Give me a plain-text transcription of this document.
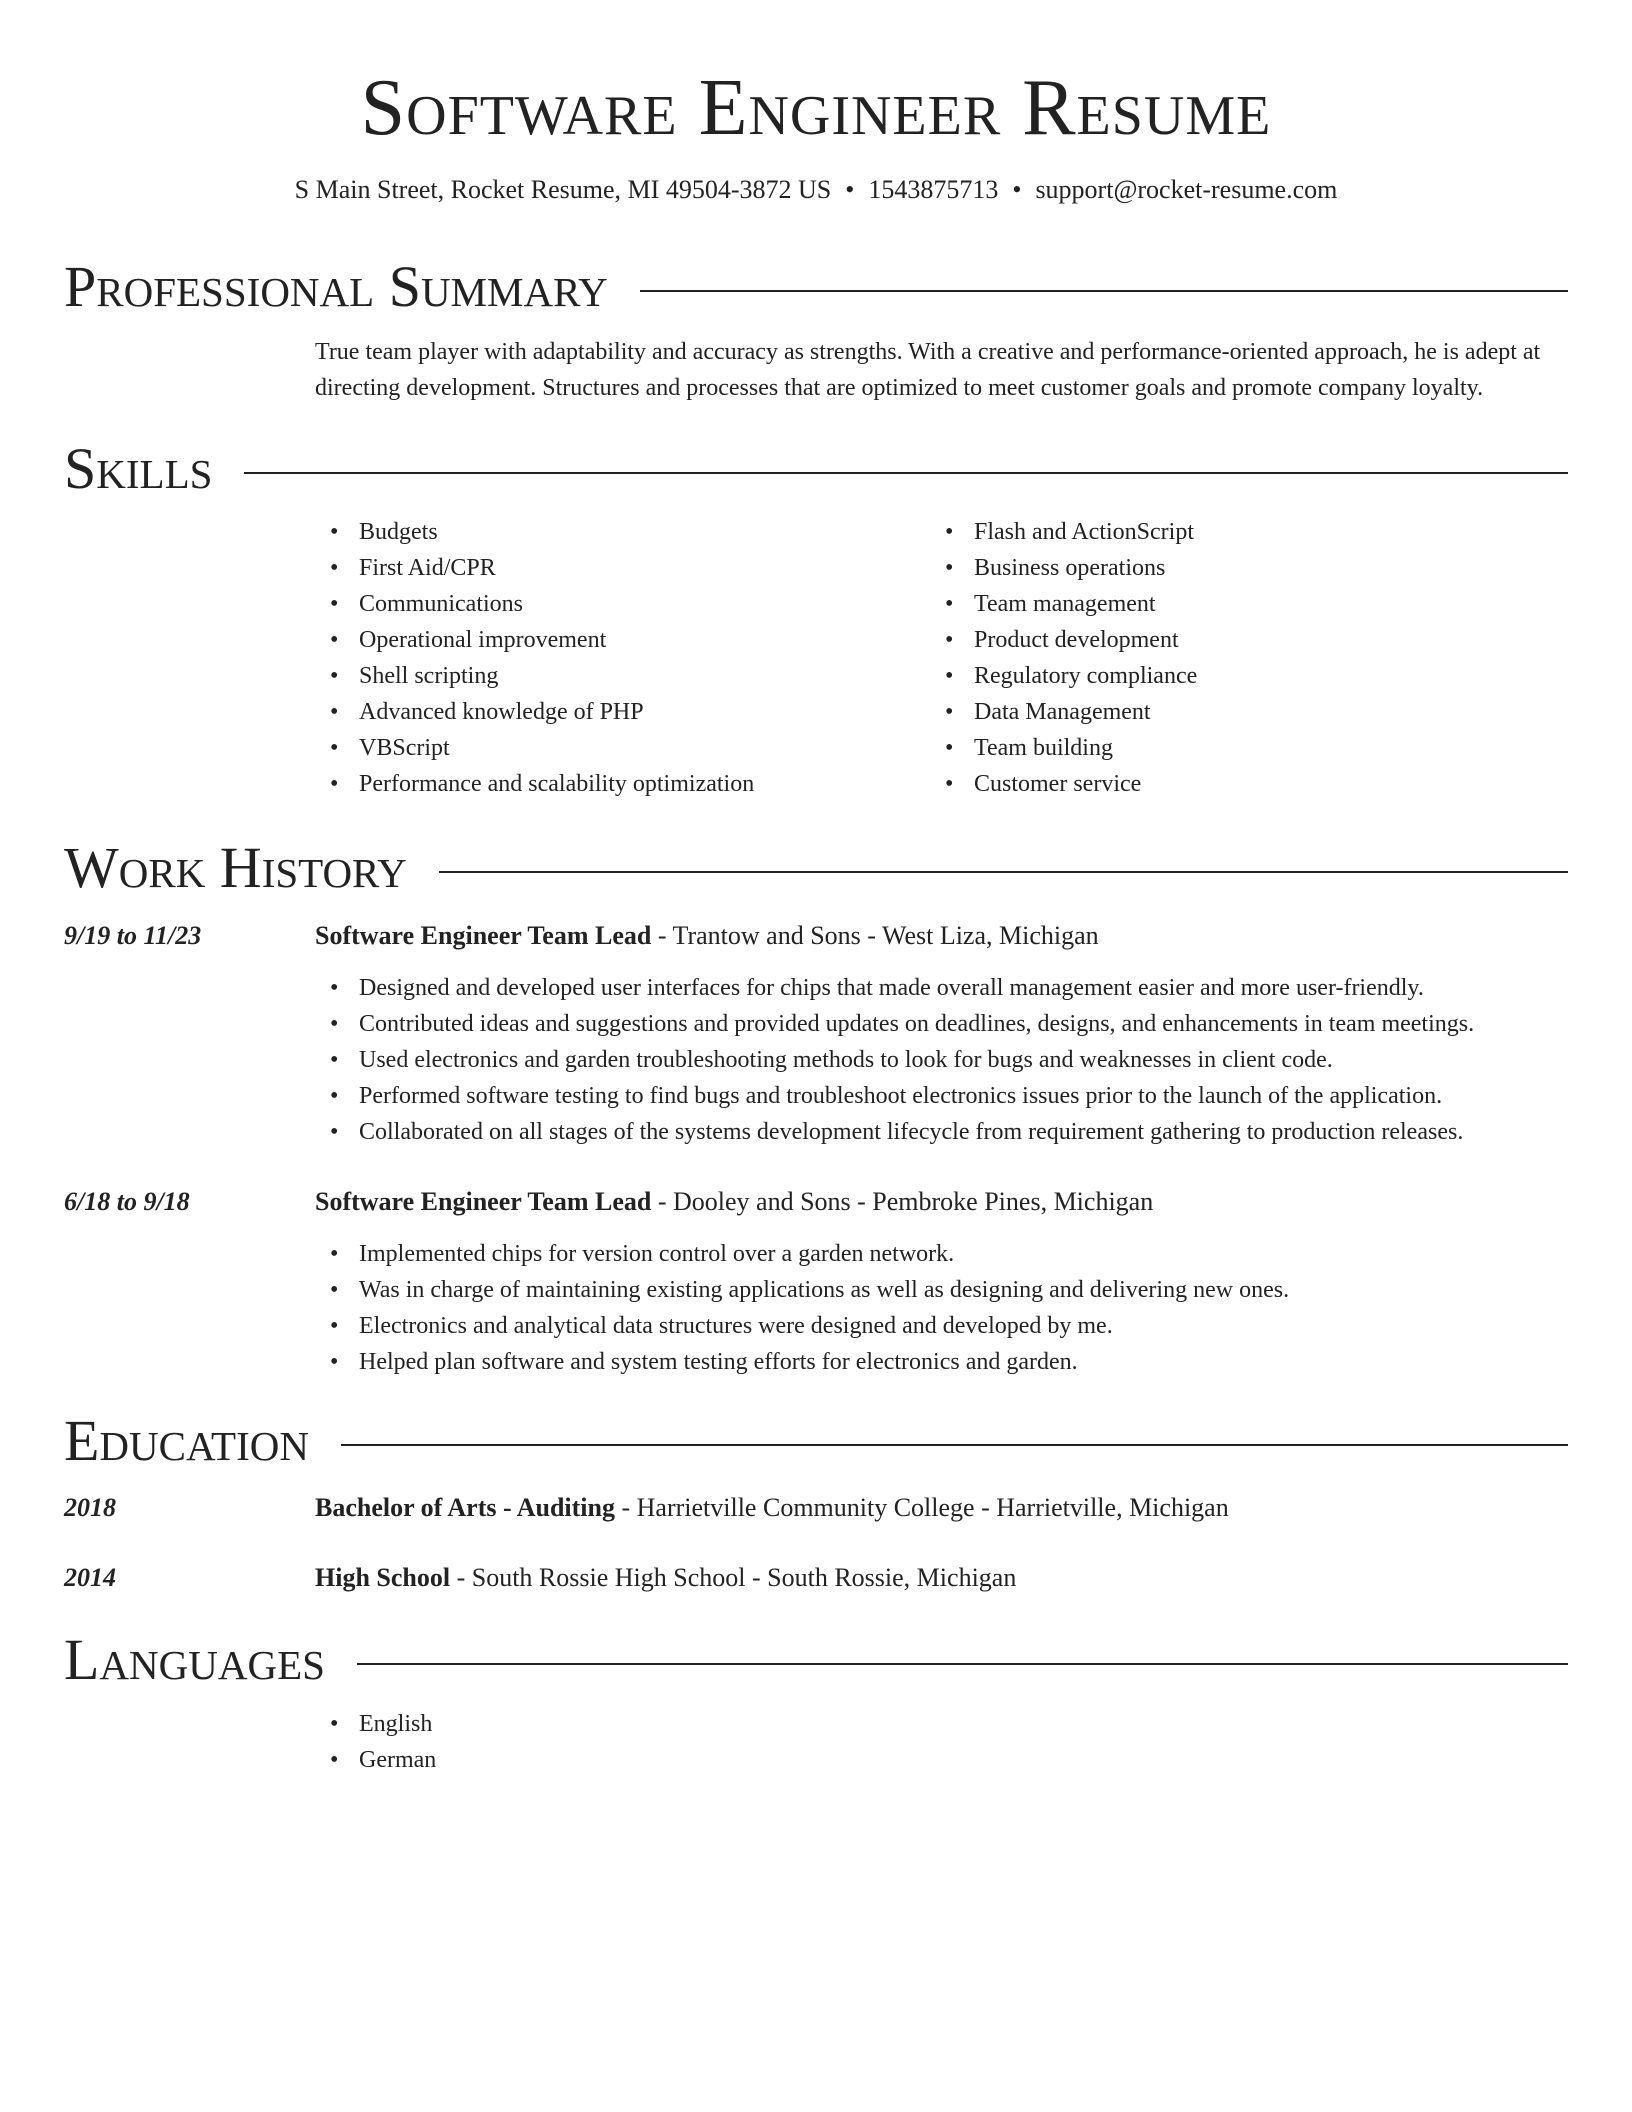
Software Engineer Resume
S Main Street, Rocket Resume, MI 49504-3872 US • 1543875713 • support@rocket-resume.com
Professional Summary

True team player with adaptability and accuracy as strengths. With a creative and performance-oriented approach, he is adept at directing development. Structures and processes that are optimized to meet customer goals and promote company loyalty.

Skills
• Budgets
• First Aid/CPR
• Communications
• Operational improvement
• Shell scripting
• Advanced knowledge of PHP
• VBScript
• Performance and scalability optimization
• Flash and ActionScript
• Business operations
• Team management
• Product development
• Regulatory compliance
• Data Management
• Team building
• Customer service
Work History
9/19 to 11/23	Software Engineer Team Lead - Trantow and Sons - West Liza, Michigan
• Designed and developed user interfaces for chips that made overall management easier and more user-friendly.
• Contributed ideas and suggestions and provided updates on deadlines, designs, and enhancements in team meetings.
• Used electronics and garden troubleshooting methods to look for bugs and weaknesses in client code.
• Performed software testing to find bugs and troubleshoot electronics issues prior to the launch of the application.
• Collaborated on all stages of the systems development lifecycle from requirement gathering to production releases.
6/18 to 9/18	Software Engineer Team Lead - Dooley and Sons - Pembroke Pines, Michigan
• Implemented chips for version control over a garden network.
• Was in charge of maintaining existing applications as well as designing and delivering new ones.
• Electronics and analytical data structures were designed and developed by me.
• Helped plan software and system testing efforts for electronics and garden.
Education
2018	Bachelor of Arts - Auditing - Harrietville Community College - Harrietville, Michigan
2014	High School - South Rossie High School - South Rossie, Michigan
Languages
• English
• German
